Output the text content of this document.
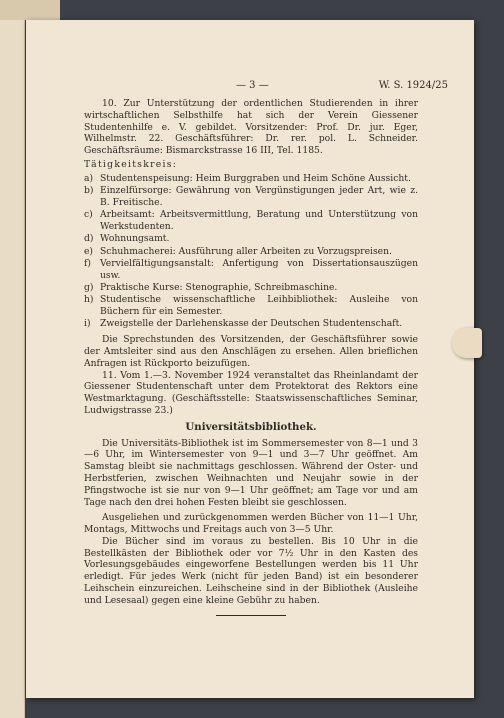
— 3 —	W. S. 1924/25

10. Zur Unterstützung der ordentlichen Studierenden in ihrer wirtschaftlichen Selbsthilfe hat sich der Verein Giessener Studentenhilfe e. V. gebildet. Vorsitzender: Prof. Dr. jur. Eger, Wilhelmstr. 22. Geschäftsführer: Dr. rer. pol. L. Schneider. Geschäftsräume: Bismarckstrasse 16 III, Tel. 1185.

Tätigkeitskreis:

a) Studentenspeisung: Heim Burggraben und Heim Schöne Aussicht.
b) Einzelfürsorge: Gewährung von Vergünstigungen jeder Art, wie z. B. Freitische.
c) Arbeitsamt: Arbeitsvermittlung, Beratung und Unterstützung von Werkstudenten.
d) Wohnungsamt.
e) Schuhmacherei: Ausführung aller Arbeiten zu Vorzugspreisen.
f) Vervielfältigungsanstalt: Anfertigung von Dissertationsauszügen usw.
g) Praktische Kurse: Stenographie, Schreibmaschine.
h) Studentische wissenschaftliche Leihbibliothek: Ausleihe von Büchern für ein Semester.
i)	Zweigstelle der Darlehenskasse der Deutschen Studentenschaft.

Die Sprechstunden des Vorsitzenden, der Geschäftsführer sowie der Amtsleiter sind aus den Anschlägen zu ersehen. Allen brieflichen Anfragen ist Rückporto beizufügen.

11. Vom 1.—3. November 1924 veranstaltet das Rheinlandamt der Giessener Studentenschaft unter dem Protektorat des Rektors eine Westmarktagung. (Geschäftsstelle: Staatswissenschaftliches Seminar, Ludwigstrasse 23.)

Universitätsbibliothek.

Die Universitäts-Bibliothek ist im Sommersemester von 8—1 und 3—6 Uhr, im Wintersemester von 9—1 und 3—7 Uhr geöffnet. Am Samstag bleibt sie nachmittags geschlossen. Während der Oster- und Herbstferien, zwischen Weihnachten und Neujahr sowie in der Pfingstwoche ist sie nur von 9—1 Uhr geöffnet; am Tage vor und am Tage nach den drei hohen Festen bleibt sie geschlossen.

Ausgeliehen und zurückgenommen werden Bücher von 11—1 Uhr, Montags, Mittwochs und Freitags auch von 3—5 Uhr.

Die Bücher sind im voraus zu bestellen. Bis 10 Uhr in die Bestellkästen der Bibliothek oder vor 7½ Uhr in den Kasten des Vorlesungsgebäudes eingeworfene Bestellungen werden bis 11 Uhr erledigt. Für jedes Werk (nicht für jeden Band) ist ein besonderer Leihschein einzureichen. Leihscheine sind in der Bibliothek (Ausleihe und Lesesaal) gegen eine kleine Gebühr zu haben.
